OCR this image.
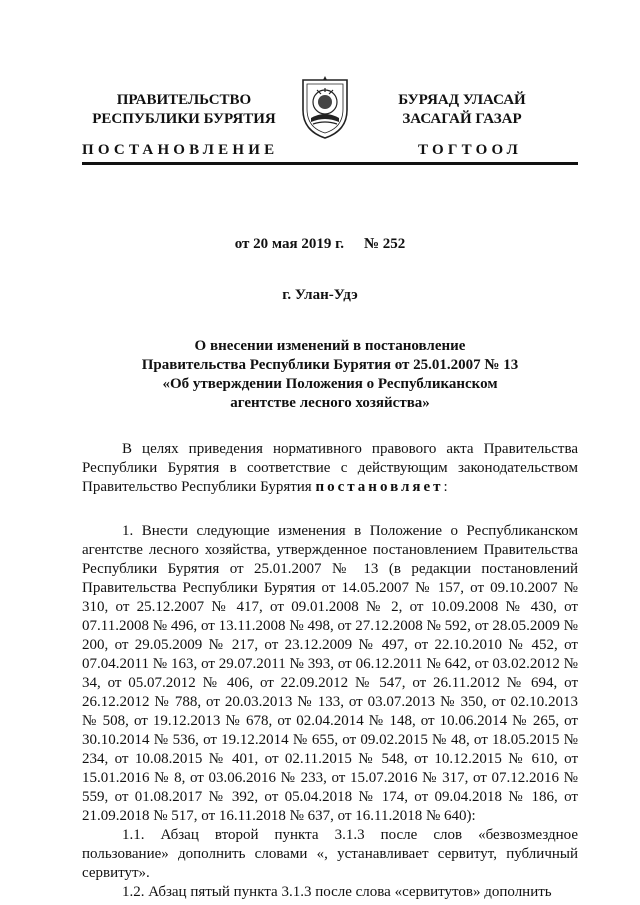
ПРАВИТЕЛЬСТВО
РЕСПУБЛИКИ БУРЯТИЯ
ПОСТАНОВЛЕНИЕ
БУРЯАД УЛАСАЙ
ЗАСАГАЙ ГАЗАР
ТОГТООЛ
от 20 мая 2019 г. № 252
г. Улан-Удэ
О внесении изменений в постановление
Правительства Республики Бурятия от 25.01.2007 № 13
«Об утверждении Положения о Республиканском
агентстве лесного хозяйства»

В целях приведения нормативного правового акта Правительства Республики Бурятия в соответствие с действующим законодательством Правительство Республики Бурятия постановляет:

1. Внести следующие изменения в Положение о Республиканском агентстве лесного хозяйства, утвержденное постановлением Правительства Республики Бурятия от 25.01.2007 № 13 (в редакции постановлений Правительства Республики Бурятия от 14.05.2007 № 157, от 09.10.2007 № 310, от 25.12.2007 № 417, от 09.01.2008 № 2, от 10.09.2008 № 430, от 07.11.2008 № 496, от 13.11.2008 № 498, от 27.12.2008 № 592, от 28.05.2009 № 200, от 29.05.2009 № 217, от 23.12.2009 № 497, от 22.10.2010 № 452, от 07.04.2011 № 163, от 29.07.2011 № 393, от 06.12.2011 № 642, от 03.02.2012 № 34, от 05.07.2012 № 406, от 22.09.2012 № 547, от 26.11.2012 № 694, от 26.12.2012 № 788, от 20.03.2013 № 133, от 03.07.2013 № 350, от 02.10.2013 № 508, от 19.12.2013 № 678, от 02.04.2014 № 148, от 10.06.2014 № 265, от 30.10.2014 № 536, от 19.12.2014 № 655, от 09.02.2015 № 48, от 18.05.2015 № 234, от 10.08.2015 № 401, от 02.11.2015 № 548, от 10.12.2015 № 610, от 15.01.2016 № 8, от 03.06.2016 № 233, от 15.07.2016 № 317, от 07.12.2016 № 559, от 01.08.2017 № 392, от 05.04.2018 № 174, от 09.04.2018 № 186, от 21.09.2018 № 517, от 16.11.2018 № 637, от 16.11.2018 № 640):

1.1. Абзац второй пункта 3.1.3 после слов «безвозмездное пользование» дополнить словами «, устанавливает сервитут, публичный сервитут».

1.2. Абзац пятый пункта 3.1.3 после слова «сервитутов» дополнить
